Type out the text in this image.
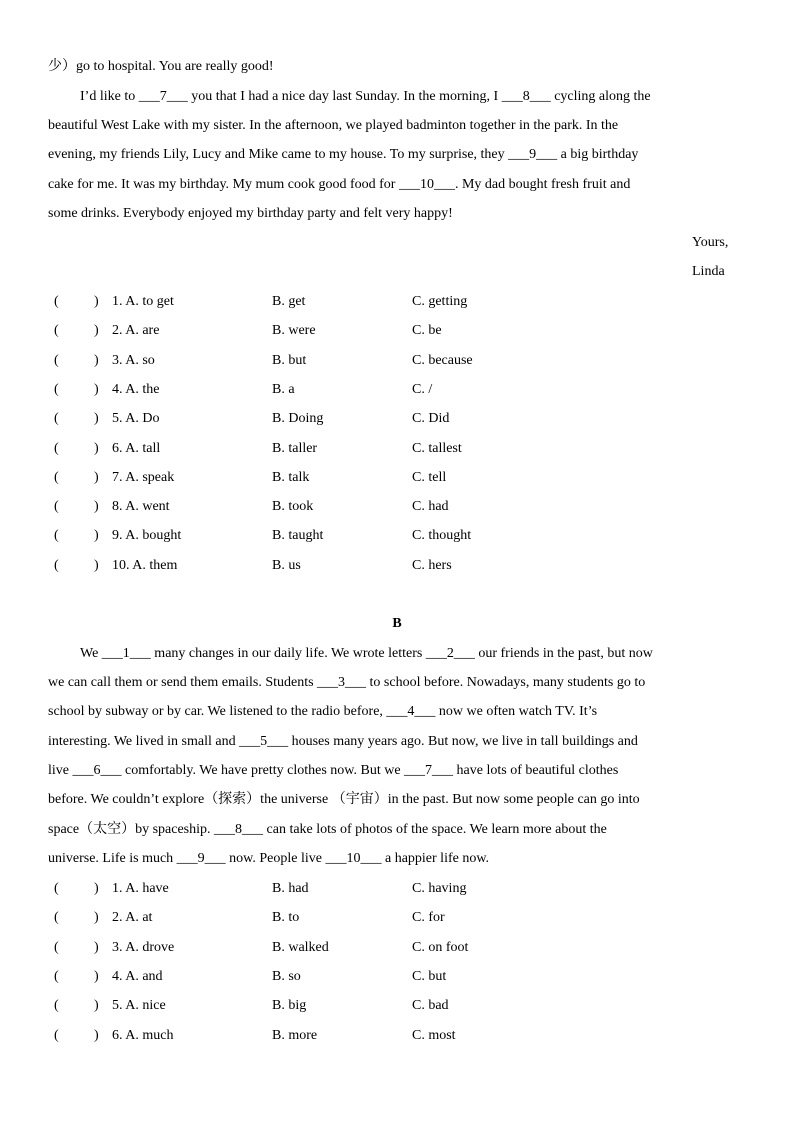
少）go to hospital. You are really good!
I’d like to ___7___ you that I had a nice day last Sunday. In the morning, I ___8___ cycling along the
beautiful West Lake with my sister. In the afternoon, we played badminton together in the park. In the
evening, my friends Lily, Lucy and Mike came to my house. To my surprise, they ___9___ a big birthday
cake for me. It was my birthday. My mum cook good food for ___10___. My dad bought fresh fruit and
some drinks. Everybody enjoyed my birthday party and felt very happy!
Yours,
Linda
(	) 1. A. to get	B. get	C. getting
(	) 2. A. are	B. were	C. be
(	) 3. A. so	B. but	C. because
(	) 4. A. the	B. a	C. /
(	) 5. A. Do	B. Doing	C. Did
(	) 6. A. tall	B. taller	C. tallest
(	) 7. A. speak	B. talk	C. tell
(	) 8. A. went	B. took	C. had
(	) 9. A. bought	B. taught	C. thought
(	) 10. A. them	B. us	C. hers
B
We ___1___ many changes in our daily life. We wrote letters ___2___ our friends in the past, but now
we can call them or send them emails. Students ___3___ to school before. Nowadays, many students go to
school by subway or by car. We listened to the radio before, ___4___ now we often watch TV. It’s
interesting. We lived in small and ___5___ houses many years ago. But now, we live in tall buildings and
live ___6___ comfortably. We have pretty clothes now. But we ___7___ have lots of beautiful clothes
before. We couldn’t explore（探索）the universe （宇宙）in the past. But now some people can go into
space（太空）by spaceship. ___8___ can take lots of photos of the space. We learn more about the
universe. Life is much ___9___ now. People live ___10___ a happier life now.
(	) 1. A. have	B. had	C. having
(	) 2. A. at	B. to	C. for
(	) 3. A. drove	B. walked	C. on foot
(	) 4. A. and	B. so	C. but
(	) 5. A. nice	B. big	C. bad
(	) 6. A. much	B. more	C. most
